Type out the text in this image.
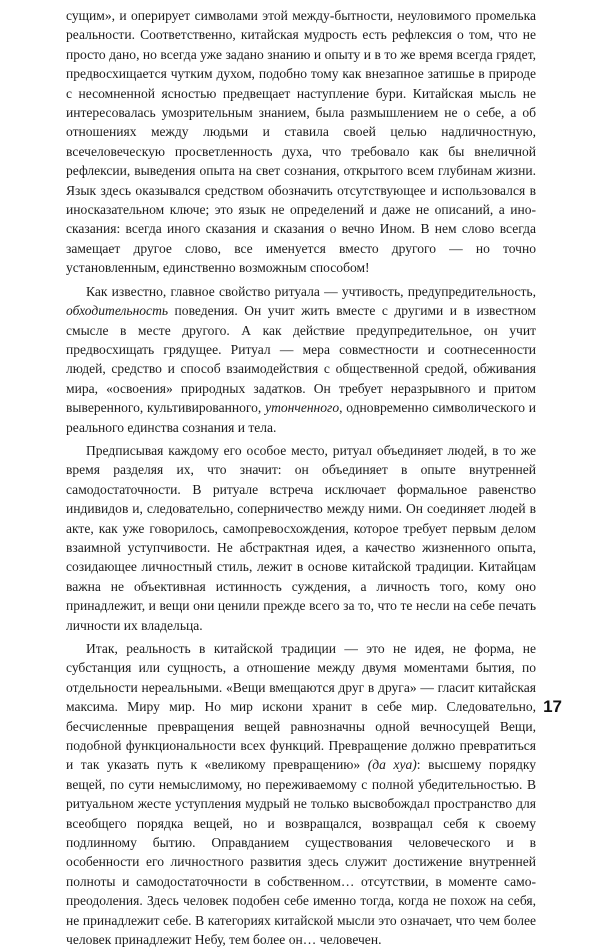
сущим», и оперирует символами этой между-бытности, неуловимого промелька реальности. Соответственно, китайская мудрость есть рефлексия о том, что не просто дано, но всегда уже задано знанию и опыту и в то же время всегда грядет, предвосхищается чутким духом, подобно тому как внезапное затишье в природе с несомненной ясностью предвещает наступление бури. Китайская мысль не интересовалась умозрительным знанием, была размышлением не о себе, а об отношениях между людьми и ставила своей целью надличностную, всечеловеческую просветленность духа, что требовало как бы внеличной рефлексии, выведения опыта на свет сознания, открытого всем глубинам жизни. Язык здесь оказывался средством обозначить отсутствующее и использовался в иносказательном ключе; это язык не определений и даже не описаний, а ино-сказания: всегда иного сказания и сказания о вечно Ином. В нем слово всегда замещает другое слово, все именуется вместо другого — но точно установленным, единственно возможным способом!

Как известно, главное свойство ритуала — учтивость, предупредительность, обходительность поведения. Он учит жить вместе с другими и в известном смысле в месте другого. А как действие предупредительное, он учит предвосхищать грядущее. Ритуал — мера совместности и соотнесенности людей, средство и способ взаимодействия с общественной средой, обживания мира, «освоения» природных задатков. Он требует неразрывного и притом выверенного, культивированного, утонченного, одновременно символического и реального единства сознания и тела.

Предписывая каждому его особое место, ритуал объединяет людей, в то же время разделяя их, что значит: он объединяет в опыте внутренней самодостаточности. В ритуале встреча исключает формальное равенство индивидов и, следовательно, соперничество между ними. Он соединяет людей в акте, как уже говорилось, самопревосхождения, которое требует первым делом взаимной уступчивости. Не абстрактная идея, а качество жизненного опыта, созидающее личностный стиль, лежит в основе китайской традиции. Китайцам важна не объективная истинность суждения, а личность того, кому оно принадлежит, и вещи они ценили прежде всего за то, что те несли на себе печать личности их владельца.

Итак, реальность в китайской традиции — это не идея, не форма, не субстанция или сущность, а отношение между двумя моментами бытия, по отдельности нереальными. «Вещи вмещаются друг в друга» — гласит китайская максима. Миру мир. Но мир искони хранит в себе мир. Следовательно, бесчисленные превращения вещей равнозначны одной вечносущей Вещи, подобной функциональности всех функций. Превращение должно превратиться и так указать путь к «великому превращению» (да хуа): высшему порядку вещей, по сути немыслимому, но переживаемому с полной убедительностью. В ритуальном жесте уступления мудрый не только высвобождал пространство для всеобщего порядка вещей, но и возвращался, возвращал себя к своему подлинному бытию. Оправданием существования человеческого и в особенности его личностного развития здесь служит достижение внутренней полноты и самодостаточности в собственном… отсутствии, в моменте само-преодоления. Здесь человек подобен себе именно тогда, когда не похож на себя, не принадлежит себе. В категориях китайской мысли это означает, что чем более человек принадлежит Небу, тем более он… человечен.

17
